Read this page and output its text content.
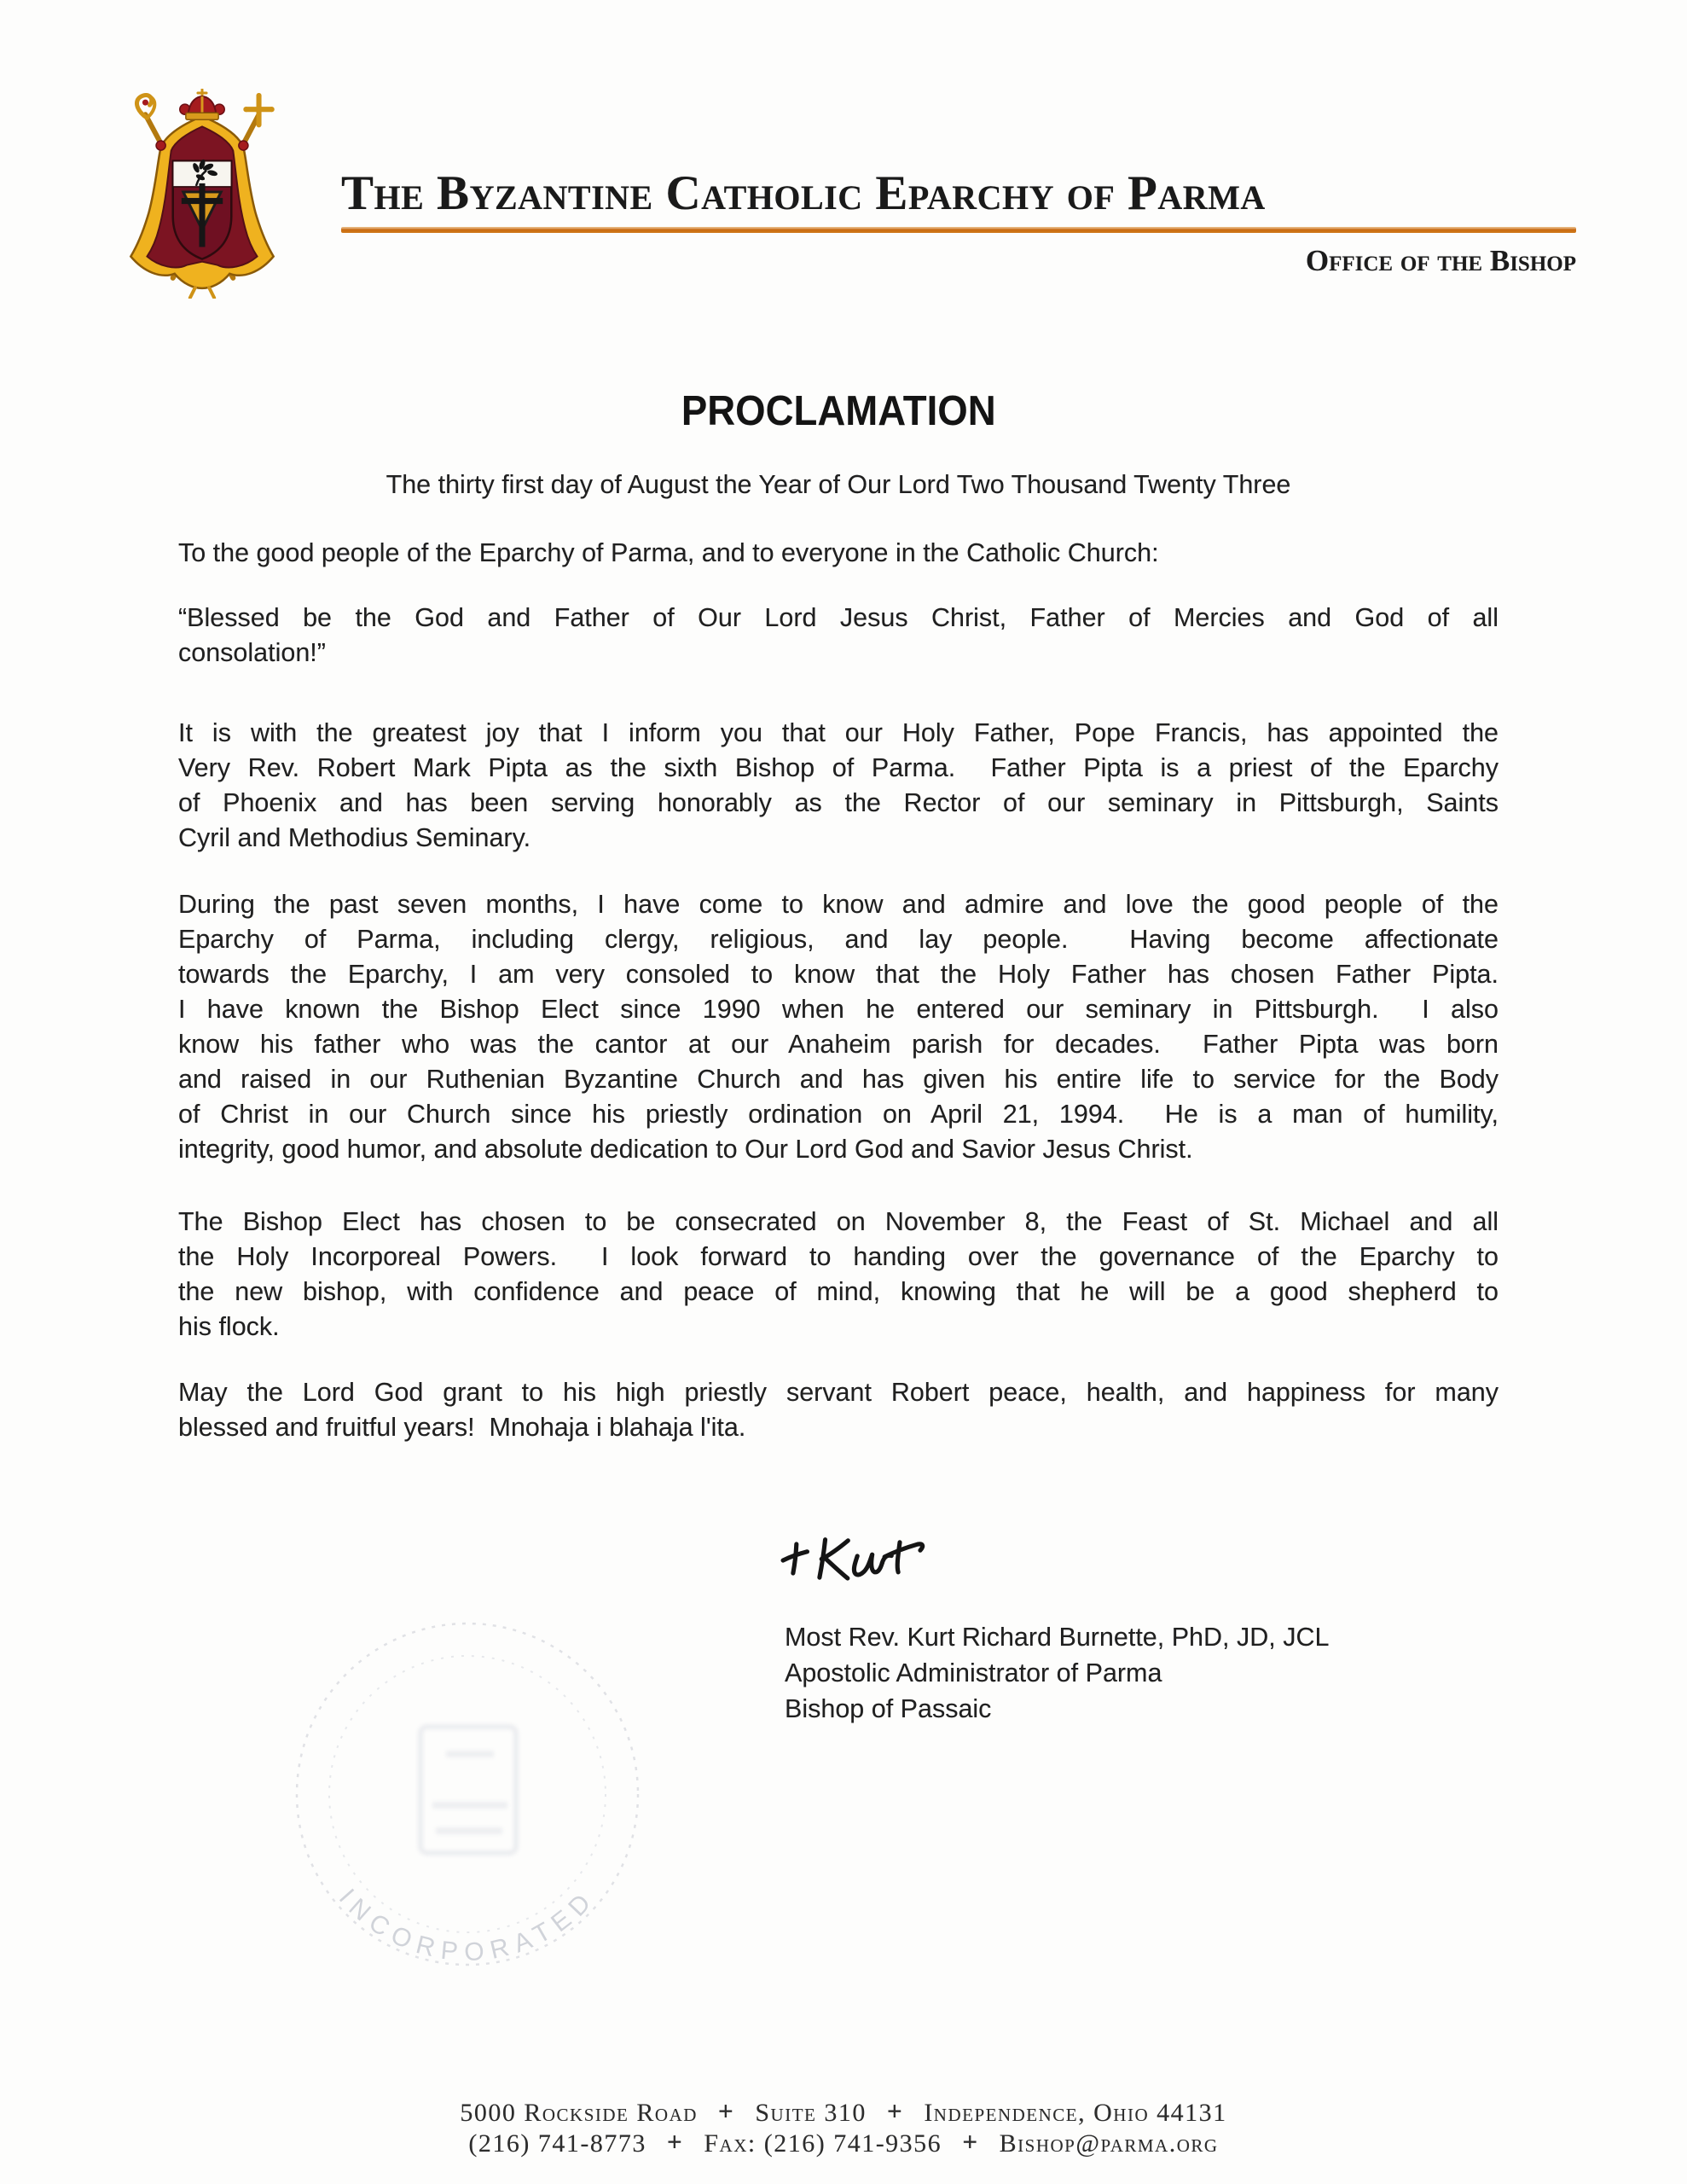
The Byzantine Catholic Eparchy of Parma
Office of the Bishop
PROCLAMATION
The thirty first day of August the Year of Our Lord Two Thousand Twenty Three
To the good people of the Eparchy of Parma, and to everyone in the Catholic Church:
“Blessed be the God and Father of Our Lord Jesus Christ, Father of Mercies and God of all
consolation!”
It is with the greatest joy that I inform you that our Holy Father, Pope Francis, has appointed the
Very Rev. Robert Mark Pipta as the sixth Bishop of Parma.  Father Pipta is a priest of the Eparchy
of Phoenix and has been serving honorably as the Rector of our seminary in Pittsburgh, Saints
Cyril and Methodius Seminary.
During the past seven months, I have come to know and admire and love the good people of the
Eparchy of Parma, including clergy, religious, and lay people.  Having become affectionate
towards the Eparchy, I am very consoled to know that the Holy Father has chosen Father Pipta.
I have known the Bishop Elect since 1990 when he entered our seminary in Pittsburgh.  I also
know his father who was the cantor at our Anaheim parish for decades.  Father Pipta was born
and raised in our Ruthenian Byzantine Church and has given his entire life to service for the Body
of Christ in our Church since his priestly ordination on April 21, 1994.  He is a man of humility,
integrity, good humor, and absolute dedication to Our Lord God and Savior Jesus Christ.
The Bishop Elect has chosen to be consecrated on November 8, the Feast of St. Michael and all
the Holy Incorporeal Powers.  I look forward to handing over the governance of the Eparchy to
the new bishop, with confidence and peace of mind, knowing that he will be a good shepherd to
his flock.
May the Lord God grant to his high priestly servant Robert peace, health, and happiness for many
blessed and fruitful years!  Mnohaja i blahaja l'ita.
Most Rev. Kurt Richard Burnette, PhD, JD, JCL
Apostolic Administrator of Parma
Bishop of Passaic
INCORPORATED
5000 Rockside Road + Suite 310 + Independence, Ohio 44131
(216) 741-8773 + Fax: (216) 741-9356 + Bishop@parma.org
